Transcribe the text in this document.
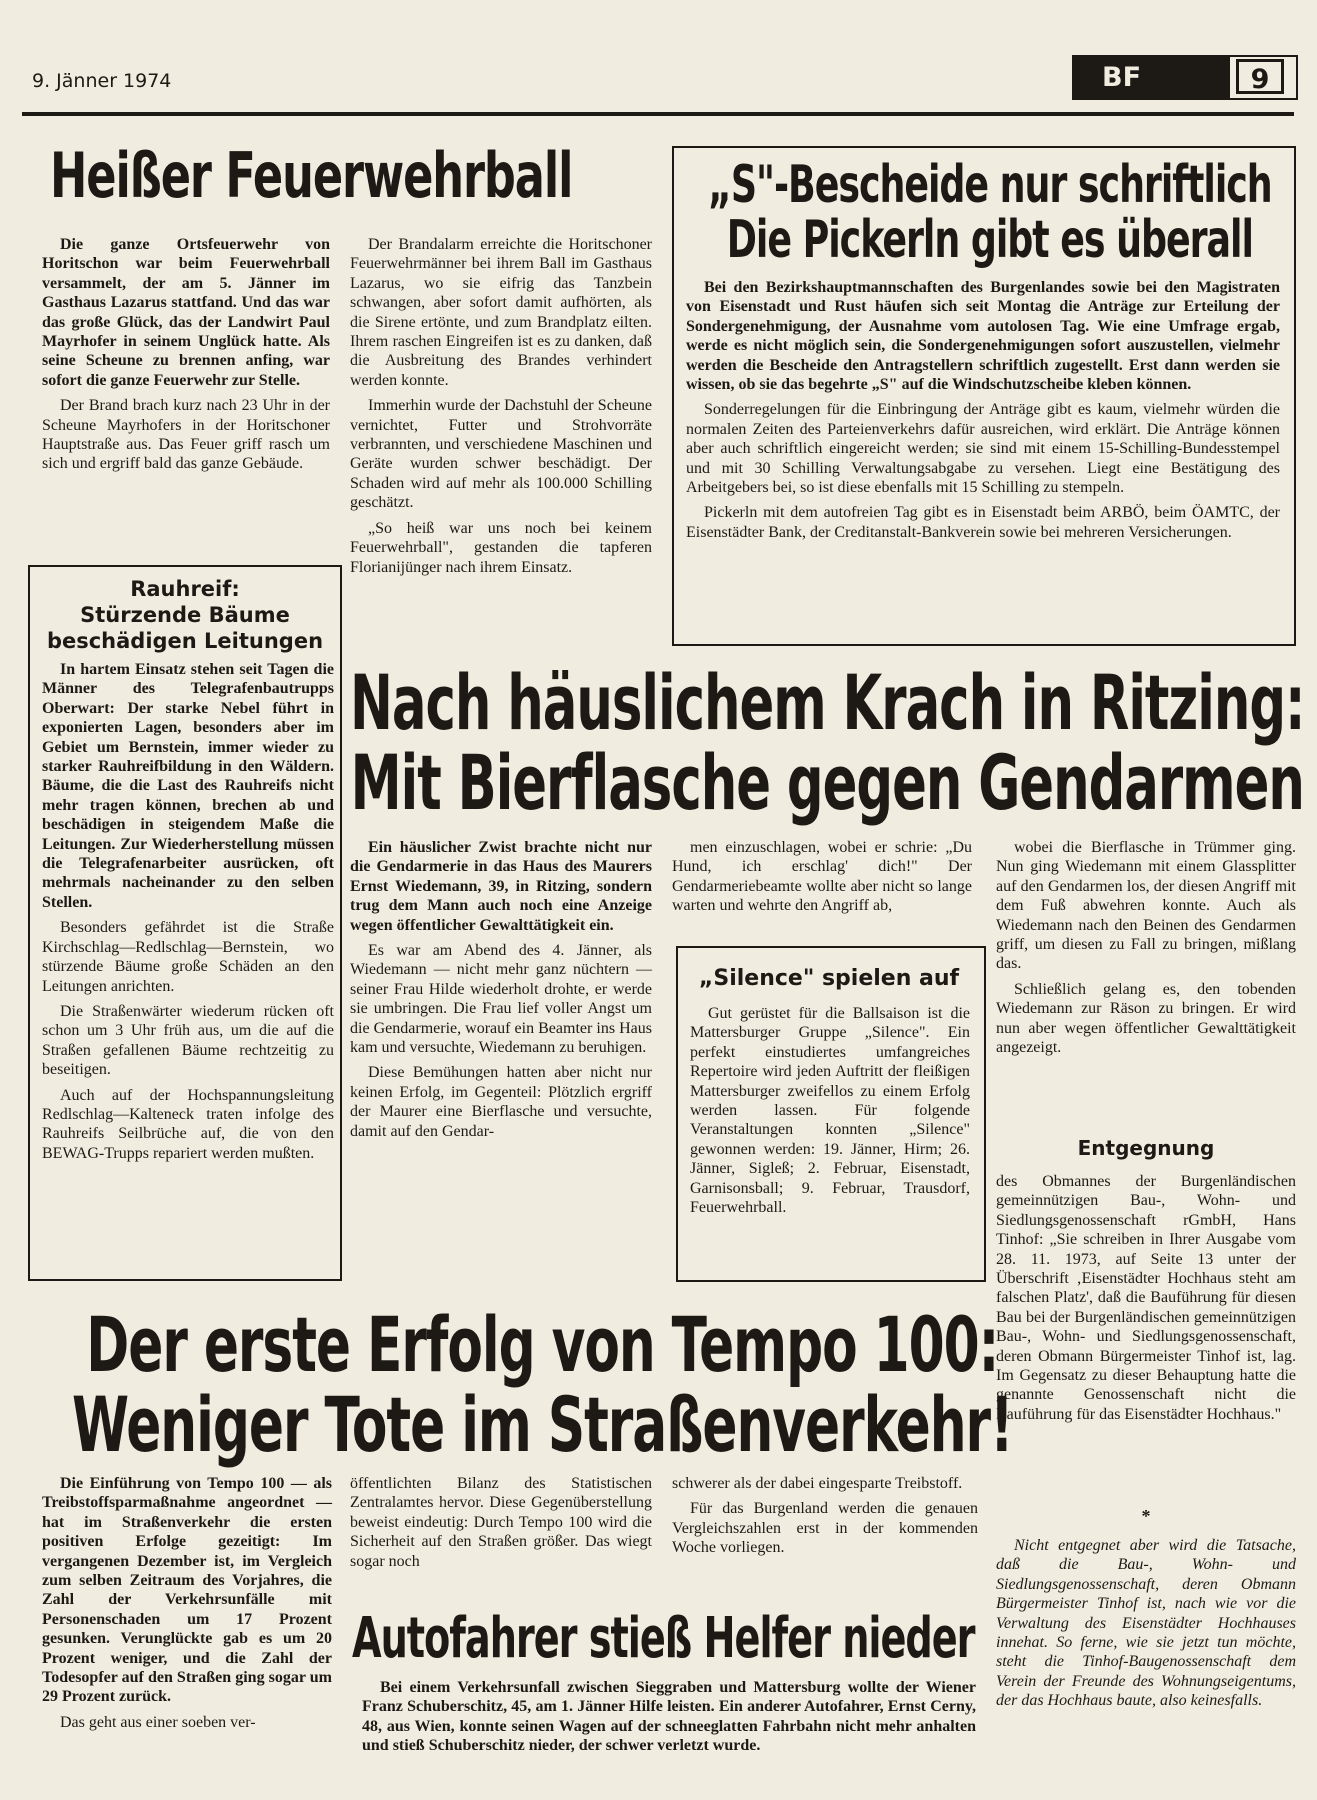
9. Jänner 1974	BF	9
Heißer Feuerwehrball

Die ganze Ortsfeuerwehr von Horitschon war beim Feuerwehrball versammelt, der am 5. Jänner im Gasthaus Lazarus stattfand. Und das war das große Glück, das der Landwirt Paul Mayrhofer in seinem Unglück hatte. Als seine Scheune zu brennen anfing, war sofort die ganze Feuerwehr zur Stelle.

Der Brand brach kurz nach 23 Uhr in der Scheune Mayrhofers in der Horitschoner Hauptstraße aus. Das Feuer griff rasch um sich und ergriff bald das ganze Gebäude.

Der Brandalarm erreichte die Horitschoner Feuerwehrmänner bei ihrem Ball im Gasthaus Lazarus, wo sie eifrig das Tanzbein schwangen, aber sofort damit aufhörten, als die Sirene ertönte, und zum Brandplatz eilten. Ihrem raschen Eingreifen ist es zu danken, daß die Ausbreitung des Brandes verhindert werden konnte.

Immerhin wurde der Dachstuhl der Scheune vernichtet, Futter und Strohvorräte verbrannten, und verschiedene Maschinen und Geräte wurden schwer beschädigt. Der Schaden wird auf mehr als 100.000 Schilling geschätzt.

„So heiß war uns noch bei keinem Feuerwehrball", gestanden die tapferen Florianijünger nach ihrem Einsatz.

„S"-Bescheide nur schriftlich
Die Pickerln gibt es überall

Bei den Bezirkshauptmannschaften des Burgenlandes sowie bei den Magistraten von Eisenstadt und Rust häufen sich seit Montag die Anträge zur Erteilung der Sondergenehmigung, der Ausnahme vom autolosen Tag. Wie eine Umfrage ergab, werde es nicht möglich sein, die Sondergenehmigungen sofort auszustellen, vielmehr werden die Bescheide den Antragstellern schriftlich zugestellt. Erst dann werden sie wissen, ob sie das begehrte „S" auf die Windschutzscheibe kleben können.

Sonderregelungen für die Einbringung der Anträge gibt es kaum, vielmehr würden die normalen Zeiten des Parteienverkehrs dafür ausreichen, wird erklärt. Die Anträge können aber auch schriftlich eingereicht werden; sie sind mit einem 15-Schilling-Bundesstempel und mit 30 Schilling Verwaltungsabgabe zu versehen. Liegt eine Bestätigung des Arbeitgebers bei, so ist diese ebenfalls mit 15 Schilling zu stempeln.

Pickerln mit dem autofreien Tag gibt es in Eisenstadt beim ARBÖ, beim ÖAMTC, der Eisenstädter Bank, der Creditanstalt-Bankverein sowie bei mehreren Versicherungen.

Rauhreif:
Stürzende Bäume
beschädigen Leitungen

In hartem Einsatz stehen seit Tagen die Männer des Telegrafenbautrupps Oberwart: Der starke Nebel führt in exponierten Lagen, besonders aber im Gebiet um Bernstein, immer wieder zu starker Rauhreifbildung in den Wäldern. Bäume, die die Last des Rauhreifs nicht mehr tragen können, brechen ab und beschädigen in steigendem Maße die Leitungen. Zur Wiederherstellung müssen die Telegrafenarbeiter ausrücken, oft mehrmals nacheinander zu den selben Stellen.

Besonders gefährdet ist die Straße Kirchschlag—Redlschlag—Bernstein, wo stürzende Bäume große Schäden an den Leitungen anrichten.

Die Straßenwärter wiederum rücken oft schon um 3 Uhr früh aus, um die auf die Straßen gefallenen Bäume rechtzeitig zu beseitigen.

Auch auf der Hochspannungsleitung Redlschlag—Kalteneck traten infolge des Rauhreifs Seilbrüche auf, die von den BEWAG-Trupps repariert werden mußten.

Nach häuslichem Krach in Ritzing:
Mit Bierflasche gegen Gendarmen

Ein häuslicher Zwist brachte nicht nur die Gendarmerie in das Haus des Maurers Ernst Wiedemann, 39, in Ritzing, sondern trug dem Mann auch noch eine Anzeige wegen öffentlicher Gewalttätigkeit ein.

Es war am Abend des 4. Jänner, als Wiedemann — nicht mehr ganz nüchtern — seiner Frau Hilde wiederholt drohte, er werde sie umbringen. Die Frau lief voller Angst um die Gendarmerie, worauf ein Beamter ins Haus kam und versuchte, Wiedemann zu beruhigen.

Diese Bemühungen hatten aber nicht nur keinen Erfolg, im Gegenteil: Plötzlich ergriff der Maurer eine Bierflasche und versuchte, damit auf den Gendar-

men einzuschlagen, wobei er schrie: „Du Hund, ich erschlag' dich!" Der Gendarmeriebeamte wollte aber nicht so lange warten und wehrte den Angriff ab,

wobei die Bierflasche in Trümmer ging. Nun ging Wiedemann mit einem Glassplitter auf den Gendarmen los, der diesen Angriff mit dem Fuß abwehren konnte. Auch als Wiedemann nach den Beinen des Gendarmen griff, um diesen zu Fall zu bringen, mißlang das.

Schließlich gelang es, den tobenden Wiedemann zur Räson zu bringen. Er wird nun aber wegen öffentlicher Gewalttätigkeit angezeigt.

„Silence" spielen auf

Gut gerüstet für die Ballsaison ist die Mattersburger Gruppe „Silence". Ein perfekt einstudiertes umfangreiches Repertoire wird jeden Auftritt der fleißigen Mattersburger zweifellos zu einem Erfolg werden lassen. Für folgende Veranstaltungen konnten „Silence" gewonnen werden: 19. Jänner, Hirm; 26. Jänner, Sigleß; 2. Februar, Eisenstadt, Garnisonsball; 9. Februar, Trausdorf, Feuerwehrball.

Entgegnung

des Obmannes der Burgenländischen gemeinnützigen Bau-, Wohn- und Siedlungsgenossenschaft rGmbH, Hans Tinhof: „Sie schreiben in Ihrer Ausgabe vom 28. 11. 1973, auf Seite 13 unter der Überschrift ‚Eisenstädter Hochhaus steht am falschen Platz', daß die Bauführung für diesen Bau bei der Burgenländischen gemeinnützigen Bau-, Wohn- und Siedlungsgenossenschaft, deren Obmann Bürgermeister Tinhof ist, lag. Im Gegensatz zu dieser Behauptung hatte die genannte Genossenschaft nicht die Bauführung für das Eisenstädter Hochhaus."

*

Nicht entgegnet aber wird die Tatsache, daß die Bau-, Wohn- und Siedlungsgenossenschaft, deren Obmann Bürgermeister Tinhof ist, nach wie vor die Verwaltung des Eisenstädter Hochhauses innehat. So ferne, wie sie jetzt tun möchte, steht die Tinhof-Baugenossenschaft dem Verein der Freunde des Wohnungseigentums, der das Hochhaus baute, also keinesfalls.

Der erste Erfolg von Tempo 100:
Weniger Tote im Straßenverkehr!

Die Einführung von Tempo 100 — als Treibstoffsparmaßnahme angeordnet — hat im Straßenverkehr die ersten positiven Erfolge gezeitigt: Im vergangenen Dezember ist, im Vergleich zum selben Zeitraum des Vorjahres, die Zahl der Verkehrsunfälle mit Personenschaden um 17 Prozent gesunken. Verunglückte gab es um 20 Prozent weniger, und die Zahl der Todesopfer auf den Straßen ging sogar um 29 Prozent zurück.

Das geht aus einer soeben ver-

öffentlichten Bilanz des Statistischen Zentralamtes hervor. Diese Gegenüberstellung beweist eindeutig: Durch Tempo 100 wird die Sicherheit auf den Straßen größer. Das wiegt sogar noch

schwerer als der dabei eingesparte Treibstoff.

Für das Burgenland werden die genauen Vergleichszahlen erst in der kommenden Woche vorliegen.

Autofahrer stieß Helfer nieder

Bei einem Verkehrsunfall zwischen Sieggraben und Mattersburg wollte der Wiener Franz Schuberschitz, 45, am 1. Jänner Hilfe leisten. Ein anderer Autofahrer, Ernst Cerny, 48, aus Wien, konnte seinen Wagen auf der schneeglatten Fahrbahn nicht mehr anhalten und stieß Schuberschitz nieder, der schwer verletzt wurde.
